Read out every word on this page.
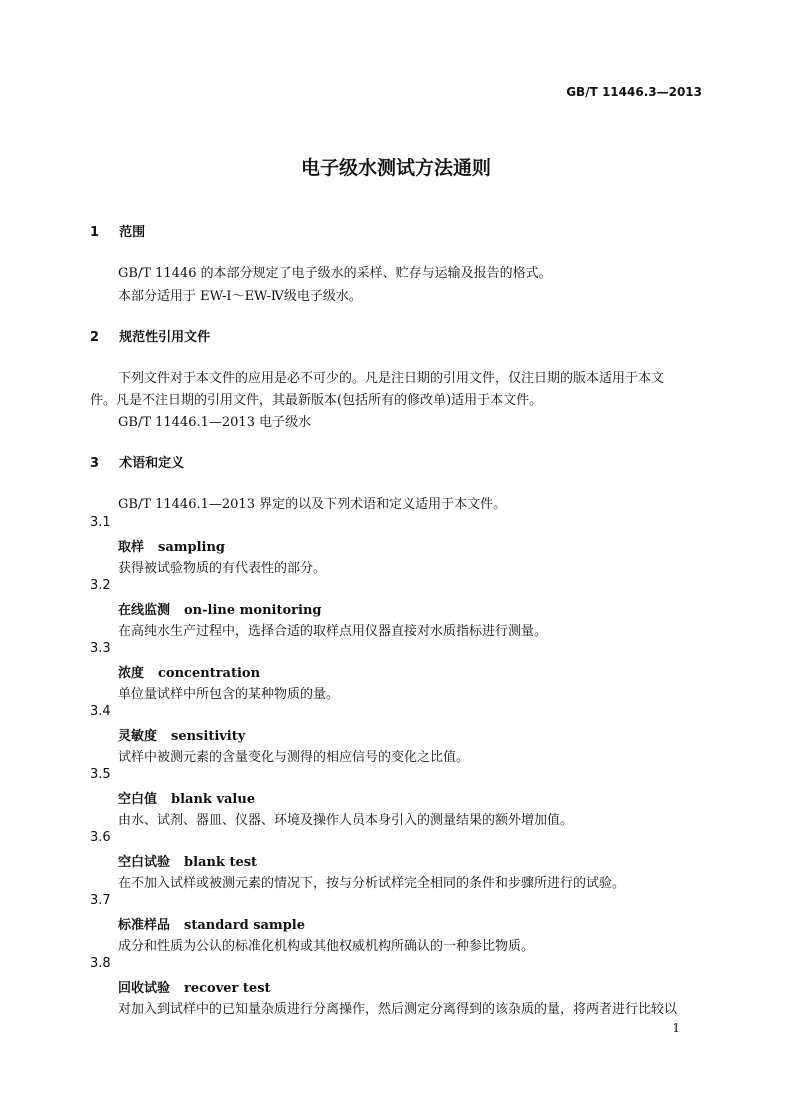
GB/T 11446.3—2013
电子级水测试方法通则
1 范围
GB/T 11446 的本部分规定了电子级水的采样、贮存与运输及报告的格式。
本部分适用于 EW-Ⅰ～EW-Ⅳ级电子级水。
2 规范性引用文件
下列文件对于本文件的应用是必不可少的。凡是注日期的引用文件，仅注日期的版本适用于本文
件。凡是不注日期的引用文件，其最新版本(包括所有的修改单)适用于本文件。
GB/T 11446.1—2013 电子级水
3 术语和定义
GB/T 11446.1—2013 界定的以及下列术语和定义适用于本文件。
3.1
取样 sampling
获得被试验物质的有代表性的部分。
3.2
在线监测 on-line monitoring
在高纯水生产过程中，选择合适的取样点用仪器直接对水质指标进行测量。
3.3
浓度 concentration
单位量试样中所包含的某种物质的量。
3.4
灵敏度 sensitivity
试样中被测元素的含量变化与测得的相应信号的变化之比值。
3.5
空白值 blank value
由水、试剂、器皿、仪器、环境及操作人员本身引入的测量结果的额外增加值。
3.6
空白试验 blank test
在不加入试样或被测元素的情况下，按与分析试样完全相同的条件和步骤所进行的试验。
3.7
标准样品 standard sample
成分和性质为公认的标准化机构或其他权威机构所确认的一种参比物质。
3.8
回收试验 recover test
对加入到试样中的已知量杂质进行分离操作，然后测定分离得到的该杂质的量，将两者进行比较以
1
